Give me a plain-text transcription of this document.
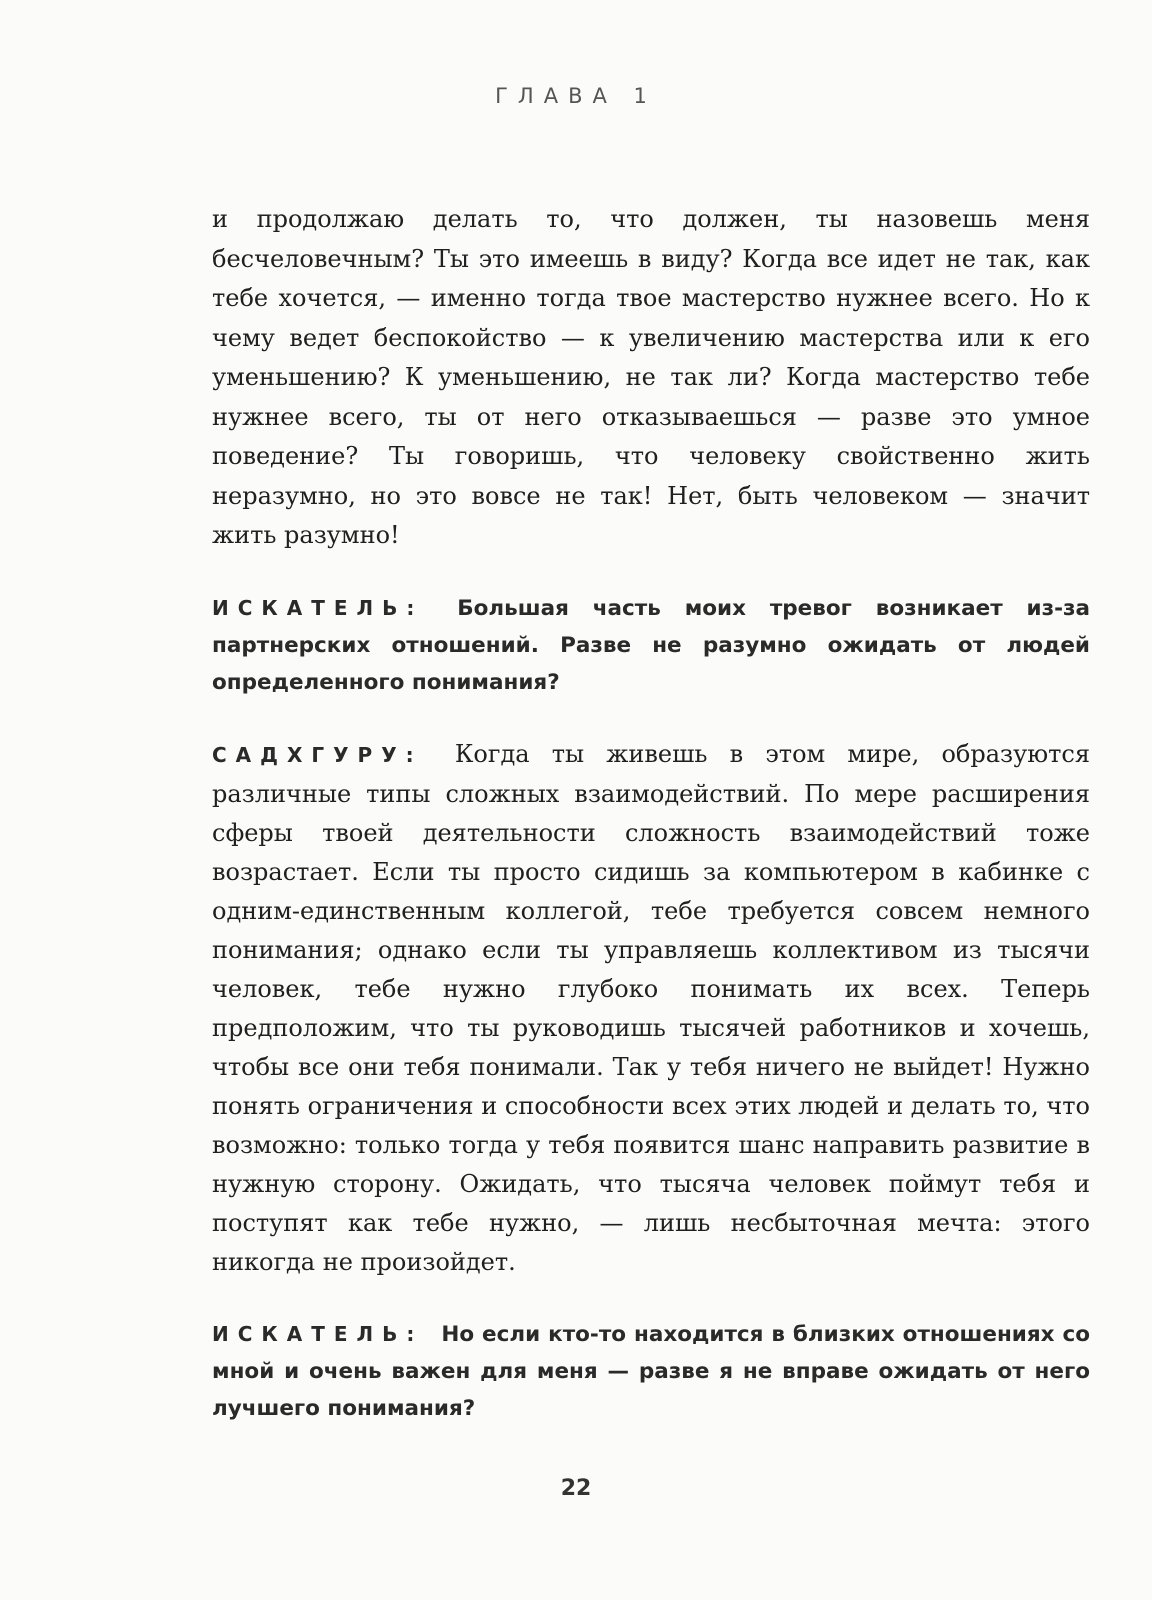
ГЛАВА 1

и продолжаю делать то, что должен, ты назовешь меня бесчеловечным? Ты это имеешь в виду? Когда все идет не так, как тебе хочется, — именно тогда твое мастерство нужнее всего. Но к чему ведет беспокойство — к увеличению мастерства или к его уменьшению? К уменьшению, не так ли? Когда мастерство тебе нужнее всего, ты от него отказываешься — разве это умное поведение? Ты говоришь, что человеку свойственно жить неразумно, но это вовсе не так! Нет, быть человеком — значит жить разумно!

ИСКАТЕЛЬ: Большая часть моих тревог возникает из-за партнерских отношений. Разве не разумно ожидать от людей определенного понимания?

САДХГУРУ: Когда ты живешь в этом мире, образуются различные типы сложных взаимодействий. По мере расширения сферы твоей деятельности сложность взаимодействий тоже возрастает. Если ты просто сидишь за компьютером в кабинке с одним-единственным коллегой, тебе требуется совсем немного понимания; однако если ты управляешь коллективом из тысячи человек, тебе нужно глубоко понимать их всех. Теперь предположим, что ты руководишь тысячей работников и хочешь, чтобы все они тебя понимали. Так у тебя ничего не выйдет! Нужно понять ограничения и способности всех этих людей и делать то, что возможно: только тогда у тебя появится шанс направить развитие в нужную сторону. Ожидать, что тысяча человек поймут тебя и поступят как тебе нужно, — лишь несбыточная мечта: этого никогда не произойдет.

ИСКАТЕЛЬ: Но если кто-то находится в близких отношениях со мной и очень важен для меня — разве я не вправе ожидать от него лучшего понимания?

22
